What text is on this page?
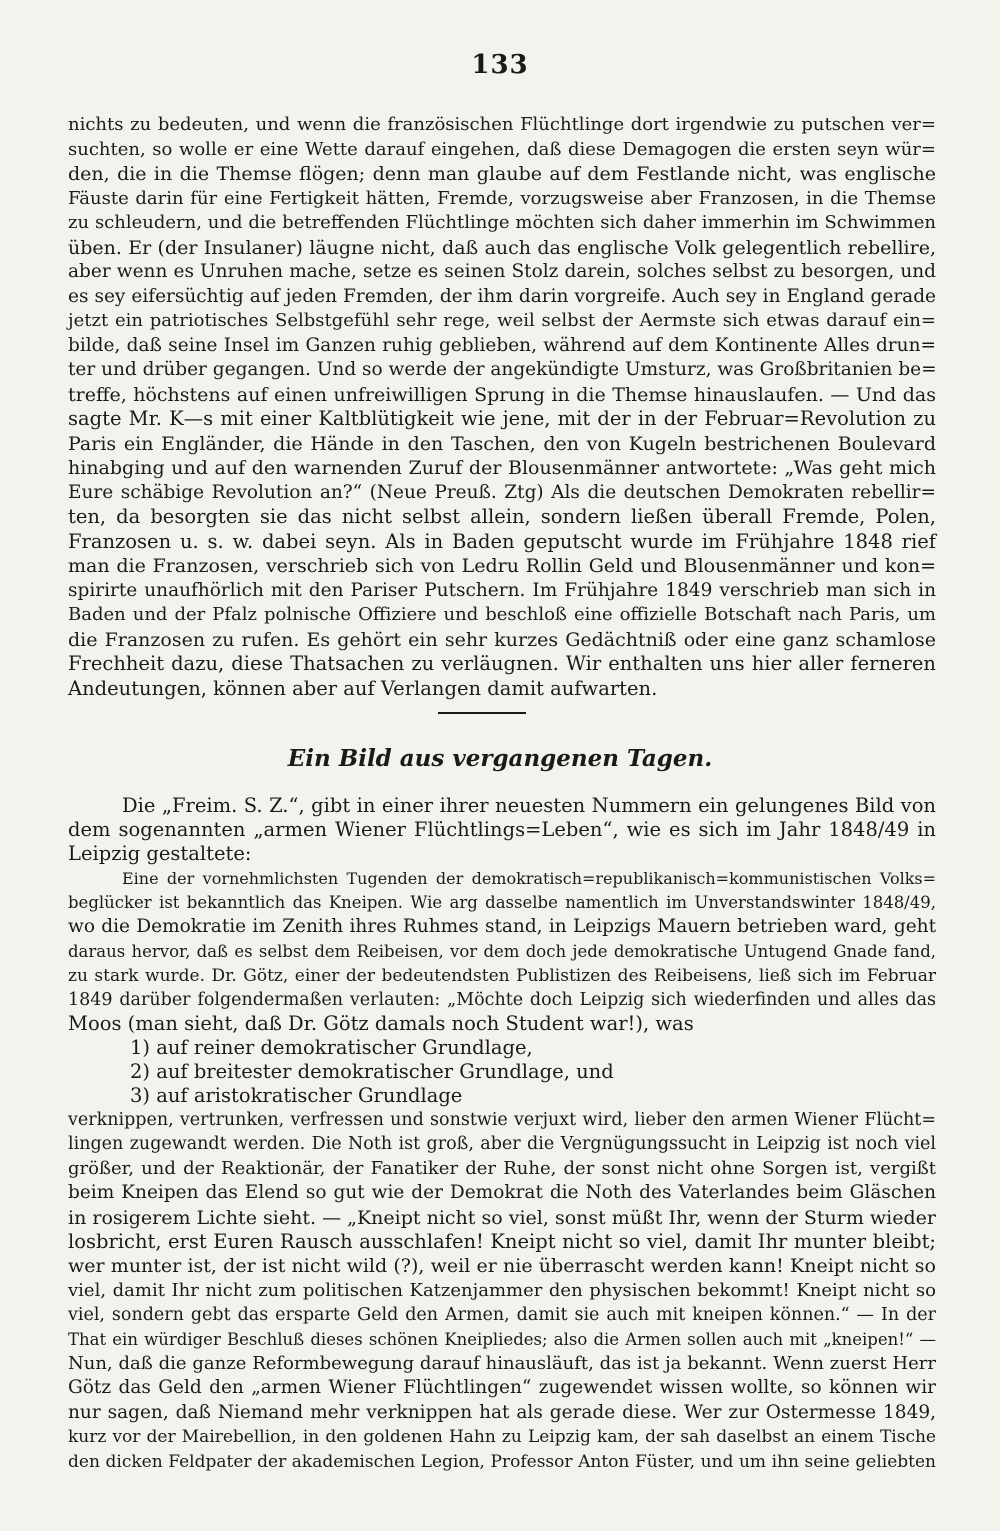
133
nichts zu bedeuten, und wenn die französischen Flüchtlinge dort irgendwie zu putschen ver=
suchten, so wolle er eine Wette darauf eingehen, daß diese Demagogen die ersten seyn wür=
den, die in die Themse flögen; denn man glaube auf dem Festlande nicht, was englische
Fäuste darin für eine Fertigkeit hätten, Fremde, vorzugsweise aber Franzosen, in die Themse
zu schleudern, und die betreffenden Flüchtlinge möchten sich daher immerhin im Schwimmen
üben. Er (der Insulaner) läugne nicht, daß auch das englische Volk gelegentlich rebellire,
aber wenn es Unruhen mache, setze es seinen Stolz darein, solches selbst zu besorgen, und
es sey eifersüchtig auf jeden Fremden, der ihm darin vorgreife. Auch sey in England gerade
jetzt ein patriotisches Selbstgefühl sehr rege, weil selbst der Aermste sich etwas darauf ein=
bilde, daß seine Insel im Ganzen ruhig geblieben, während auf dem Kontinente Alles drun=
ter und drüber gegangen. Und so werde der angekündigte Umsturz, was Großbritanien be=
treffe, höchstens auf einen unfreiwilligen Sprung in die Themse hinauslaufen. — Und das
sagte Mr. K—s mit einer Kaltblütigkeit wie jene, mit der in der Februar=Revolution zu
Paris ein Engländer, die Hände in den Taschen, den von Kugeln bestrichenen Boulevard
hinabging und auf den warnenden Zuruf der Blousenmänner antwortete: „Was geht mich
Eure schäbige Revolution an?“ (Neue Preuß. Ztg) Als die deutschen Demokraten rebellir=
ten, da besorgten sie das nicht selbst allein, sondern ließen überall Fremde, Polen,
Franzosen u. s. w. dabei seyn. Als in Baden geputscht wurde im Frühjahre 1848 rief
man die Franzosen, verschrieb sich von Ledru Rollin Geld und Blousenmänner und kon=
spirirte unaufhörlich mit den Pariser Putschern. Im Frühjahre 1849 verschrieb man sich in
Baden und der Pfalz polnische Offiziere und beschloß eine offizielle Botschaft nach Paris, um
die Franzosen zu rufen. Es gehört ein sehr kurzes Gedächtniß oder eine ganz schamlose
Frechheit dazu, diese Thatsachen zu verläugnen. Wir enthalten uns hier aller ferneren
Andeutungen, können aber auf Verlangen damit aufwarten.
Ein Bild aus vergangenen Tagen.
Die „Freim. S. Z.“, gibt in einer ihrer neuesten Nummern ein gelungenes Bild von
dem sogenannten „armen Wiener Flüchtlings=Leben“, wie es sich im Jahr 1848/49 in
Leipzig gestaltete:
Eine der vornehmlichsten Tugenden der demokratisch=republikanisch=kommunistischen Volks=
beglücker ist bekanntlich das Kneipen. Wie arg dasselbe namentlich im Unverstandswinter 1848/49,
wo die Demokratie im Zenith ihres Ruhmes stand, in Leipzigs Mauern betrieben ward, geht
daraus hervor, daß es selbst dem Reibeisen, vor dem doch jede demokratische Untugend Gnade fand,
zu stark wurde. Dr. Götz, einer der bedeutendsten Publistizen des Reibeisens, ließ sich im Februar
1849 darüber folgendermaßen verlauten: „Möchte doch Leipzig sich wiederfinden und alles das
Moos (man sieht, daß Dr. Götz damals noch Student war!), was
1) auf reiner demokratischer Grundlage,
2) auf breitester demokratischer Grundlage, und
3) auf aristokratischer Grundlage
verknippen, vertrunken, verfressen und sonstwie verjuxt wird, lieber den armen Wiener Flücht=
lingen zugewandt werden. Die Noth ist groß, aber die Vergnügungssucht in Leipzig ist noch viel
größer, und der Reaktionär, der Fanatiker der Ruhe, der sonst nicht ohne Sorgen ist, vergißt
beim Kneipen das Elend so gut wie der Demokrat die Noth des Vaterlandes beim Gläschen
in rosigerem Lichte sieht. — „Kneipt nicht so viel, sonst müßt Ihr, wenn der Sturm wieder
losbricht, erst Euren Rausch ausschlafen! Kneipt nicht so viel, damit Ihr munter bleibt;
wer munter ist, der ist nicht wild (?), weil er nie überrascht werden kann! Kneipt nicht so
viel, damit Ihr nicht zum politischen Katzenjammer den physischen bekommt! Kneipt nicht so
viel, sondern gebt das ersparte Geld den Armen, damit sie auch mit kneipen können.“ — In der
That ein würdiger Beschluß dieses schönen Kneipliedes; also die Armen sollen auch mit „kneipen!“ —
Nun, daß die ganze Reformbewegung darauf hinausläuft, das ist ja bekannt. Wenn zuerst Herr
Götz das Geld den „armen Wiener Flüchtlingen“ zugewendet wissen wollte, so können wir
nur sagen, daß Niemand mehr verknippen hat als gerade diese. Wer zur Ostermesse 1849,
kurz vor der Mairebellion, in den goldenen Hahn zu Leipzig kam, der sah daselbst an einem Tische
den dicken Feldpater der akademischen Legion, Professor Anton Füster, und um ihn seine geliebten
